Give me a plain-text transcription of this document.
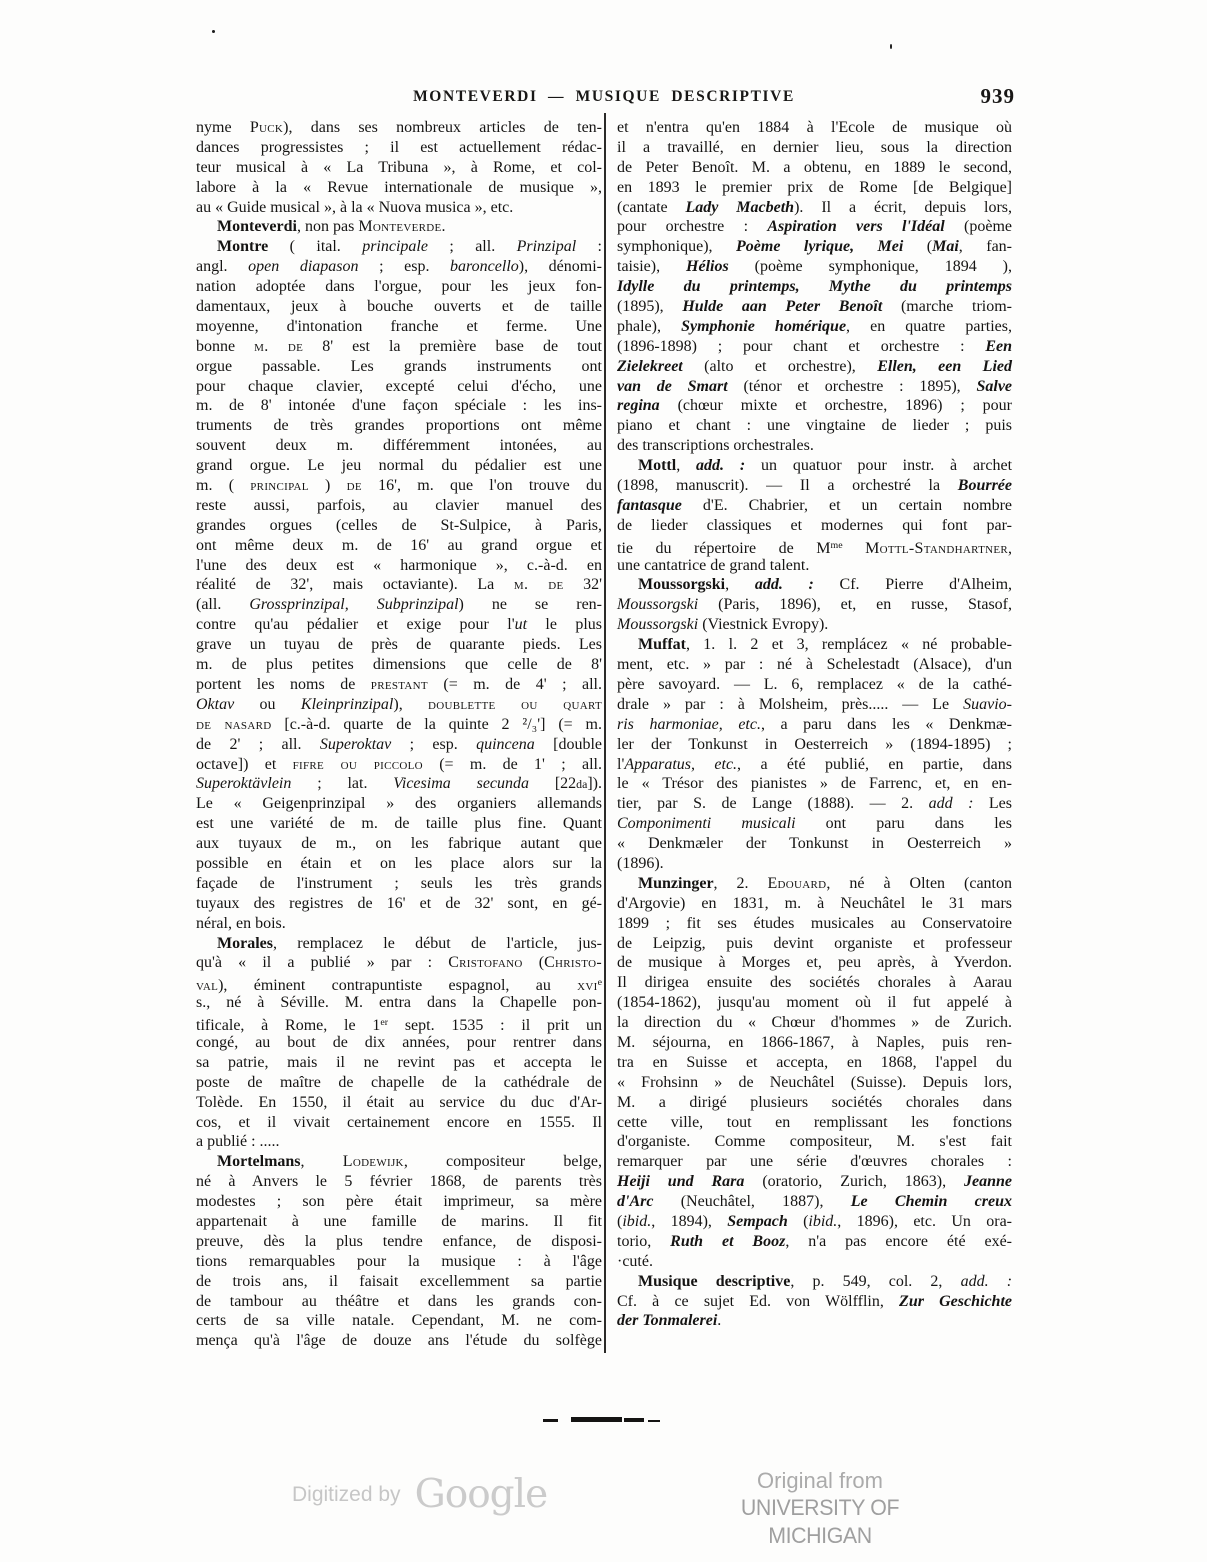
MONTEVERDI — MUSIQUE DESCRIPTIVE	939
nyme Puck), dans ses nombreux articles de ten-
dances progressistes ; il est actuellement rédac-
teur musical à « La Tribuna », à Rome, et col-
labore à la « Revue internationale de musique »,
au « Guide musical », à la « Nuova musica », etc.
Monteverdi, non pas Monteverde.
Montre ( ital. principale ; all. Prinzipal :
angl. open diapason ; esp. baroncello), dénomi-
nation adoptée dans l'orgue, pour les jeux fon-
damentaux, jeux à bouche ouverts et de taille
moyenne, d'intonation franche et ferme. Une
bonne m. de 8' est la première base de tout
orgue passable. Les grands instruments ont
pour chaque clavier, excepté celui d'écho, une
m. de 8' intonée d'une façon spéciale : les ins-
truments de très grandes proportions ont même
souvent deux m. différemment intonées, au
grand orgue. Le jeu normal du pédalier est une
m. ( principal ) de 16', m. que l'on trouve du
reste aussi, parfois, au clavier manuel des
grandes orgues (celles de St-Sulpice, à Paris,
ont même deux m. de 16' au grand orgue et
l'une des deux est « harmonique », c.-à-d. en
réalité de 32', mais octaviante). La m. de 32'
(all. Grossprinzipal, Subprinzipal) ne se ren-
contre qu'au pédalier et exige pour l'ut le plus
grave un tuyau de près de quarante pieds. Les
m. de plus petites dimensions que celle de 8'
portent les noms de prestant (= m. de 4' ; all.
Oktav ou Kleinprinzipal), doublette ou quart
de nasard [c.-à-d. quarte de la quinte 2 ²/₃'] (= m.
de 2' ; all. Superoktav ; esp. quincena [double
octave]) et fifre ou piccolo (= m. de 1' ; all.
Superoktävlein ; lat. Vicesima secunda [22da]).
Le « Geigenprinzipal » des organiers allemands
est une variété de m. de taille plus fine. Quant
aux tuyaux de m., on les fabrique autant que
possible en étain et on les place alors sur la
façade de l'instrument ; seuls les très grands
tuyaux des registres de 16' et de 32' sont, en gé-
néral, en bois.
Morales, remplacez le début de l'article, jus-
qu'à « il a publié » par : Cristofano (Christo-
val), éminent contrapuntiste espagnol, au xvi$^e$
s., né à Séville. M. entra dans la Chapelle pon-
tificale, à Rome, le 1er sept. 1535 : il prit un
congé, au bout de dix années, pour rentrer dans
sa patrie, mais il ne revint pas et accepta le
poste de maître de chapelle de la cathédrale de
Tolède. En 1550, il était au service du duc d'Ar-
cos, et il vivait certainement encore en 1555. Il
a publié : .....
Mortelmans, Lodewijk, compositeur belge,
né à Anvers le 5 février 1868, de parents très
modestes ; son père était imprimeur, sa mère
appartenait à une famille de marins. Il fit
preuve, dès la plus tendre enfance, de disposi-
tions remarquables pour la musique : à l'âge
de trois ans, il faisait excellemment sa partie
de tambour au théâtre et dans les grands con-
certs de sa ville natale. Cependant, M. ne com-
mença qu'à l'âge de douze ans l'étude du solfège
et n'entra qu'en 1884 à l'Ecole de musique où
il a travaillé, en dernier lieu, sous la direction
de Peter Benoît. M. a obtenu, en 1889 le second,
en 1893 le premier prix de Rome [de Belgique]
(cantate Lady Macbeth). Il a écrit, depuis lors,
pour orchestre : Aspiration vers l'Idéal (poème
symphonique), Poème lyrique, Mei (Mai, fan-
taisie), Hélios (poème symphonique, 1894 ),
Idylle du printemps, Mythe du printemps
(1895), Hulde aan Peter Benoît (marche triom-
phale), Symphonie homérique, en quatre parties,
(1896-1898) ; pour chant et orchestre : Een
Zielekreet (alto et orchestre), Ellen, een Lied
van de Smart (ténor et orchestre : 1895), Salve
regina (chœur mixte et orchestre, 1896) ; pour
piano et chant : une vingtaine de lieder ; puis
des transcriptions orchestrales.
Mottl, add. : un quatuor pour instr. à archet
(1898, manuscrit). — Il a orchestré la Bourrée
fantasque d'E. Chabrier, et un certain nombre
de lieder classiques et modernes qui font par-
tie du répertoire de $M^{me}$ Mottl-Standhartner,
une cantatrice de grand talent.
Moussorgski, add. : Cf. Pierre d'Alheim,
Moussorgski (Paris, 1896), et, en russe, Stasof,
Moussorgski (Viestnick Evropy).
Muffat, 1. l. 2 et 3, remplácez « né probable-
ment, etc. » par : né à Schelestadt (Alsace), d'un
père savoyard. — L. 6, remplacez « de la cathé-
drale » par : à Molsheim, près..... — Le Suavio-
ris harmoniae, etc., a paru dans les « Denkmæ-
ler der Tonkunst in Oesterreich » (1894-1895) ;
l'Apparatus, etc., a été publié, en partie, dans
le « Trésor des pianistes » de Farrenc, et, en en-
tier, par S. de Lange (1888). — 2. add : Les
Componimenti musicali ont paru dans les
« Denkmæler der Tonkunst in Oesterreich »
(1896).
Munzinger, 2. Edouard, né à Olten (canton
d'Argovie) en 1831, m. à Neuchâtel le 31 mars
1899 ; fit ses études musicales au Conservatoire
de Leipzig, puis devint organiste et professeur
de musique à Morges et, peu après, à Yverdon.
Il dirigea ensuite des sociétés chorales à Aarau
(1854-1862), jusqu'au moment où il fut appelé à
la direction du « Chœur d'hommes » de Zurich.
M. séjourna, en 1866-1867, à Naples, puis ren-
tra en Suisse et accepta, en 1868, l'appel du
« Frohsinn » de Neuchâtel (Suisse). Depuis lors,
M. a dirigé plusieurs sociétés chorales dans
cette ville, tout en remplissant les fonctions
d'organiste. Comme compositeur, M. s'est fait
remarquer par une série d'œuvres chorales :
Heiji und Rara (oratorio, Zurich, 1863), Jeanne
d'Arc (Neuchâtel, 1887), Le Chemin creux
(ibid., 1894), Sempach (ibid., 1896), etc. Un ora-
torio, Ruth et Booz, n'a pas encore été exé-
·cuté.
Musique descriptive, p. 549, col. 2, add. :
Cf. à ce sujet Ed. von Wölfflin, Zur Geschichte
der Tonmalerei.
Digitized by Google	Original from
UNIVERSITY OF MICHIGAN
